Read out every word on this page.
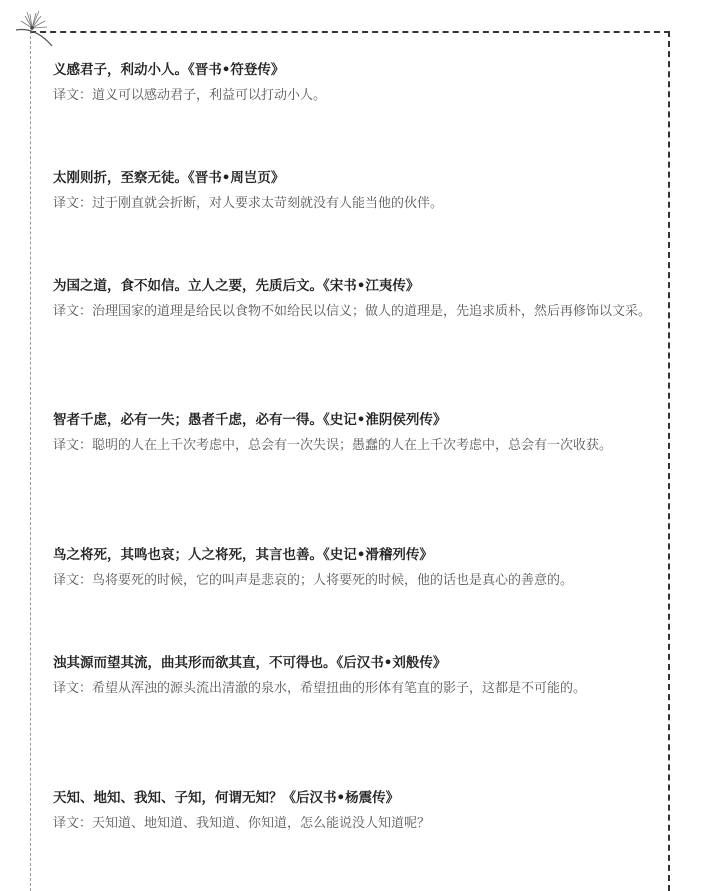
义感君子，利动小人。《晋书•符登传》

译文：道义可以感动君子，利益可以打动小人。

太刚则折，至察无徒。《晋书•周岂页》

译文：过于刚直就会折断，对人要求太苛刻就没有人能当他的伙伴。

为国之道，食不如信。立人之要，先质后文。《宋书•江夷传》

译文：治理国家的道理是给民以食物不如给民以信义；做人的道理是，先追求质朴，然后再修饰以文采。

智者千虑，必有一失；愚者千虑，必有一得。《史记•淮阴侯列传》

译文：聪明的人在上千次考虑中，总会有一次失误；愚蠢的人在上千次考虑中，总会有一次收获。

鸟之将死，其鸣也哀；人之将死，其言也善。《史记•滑稽列传》

译文：鸟将要死的时候，它的叫声是悲哀的；人将要死的时候，他的话也是真心的善意的。

浊其源而望其流，曲其形而欲其直，不可得也。《后汉书•刘般传》

译文：希望从浑浊的源头流出清澈的泉水，希望扭曲的形体有笔直的影子，这都是不可能的。

天知、地知、我知、子知，何谓无知？《后汉书•杨震传》

译文：天知道、地知道、我知道、你知道，怎么能说没人知道呢？
